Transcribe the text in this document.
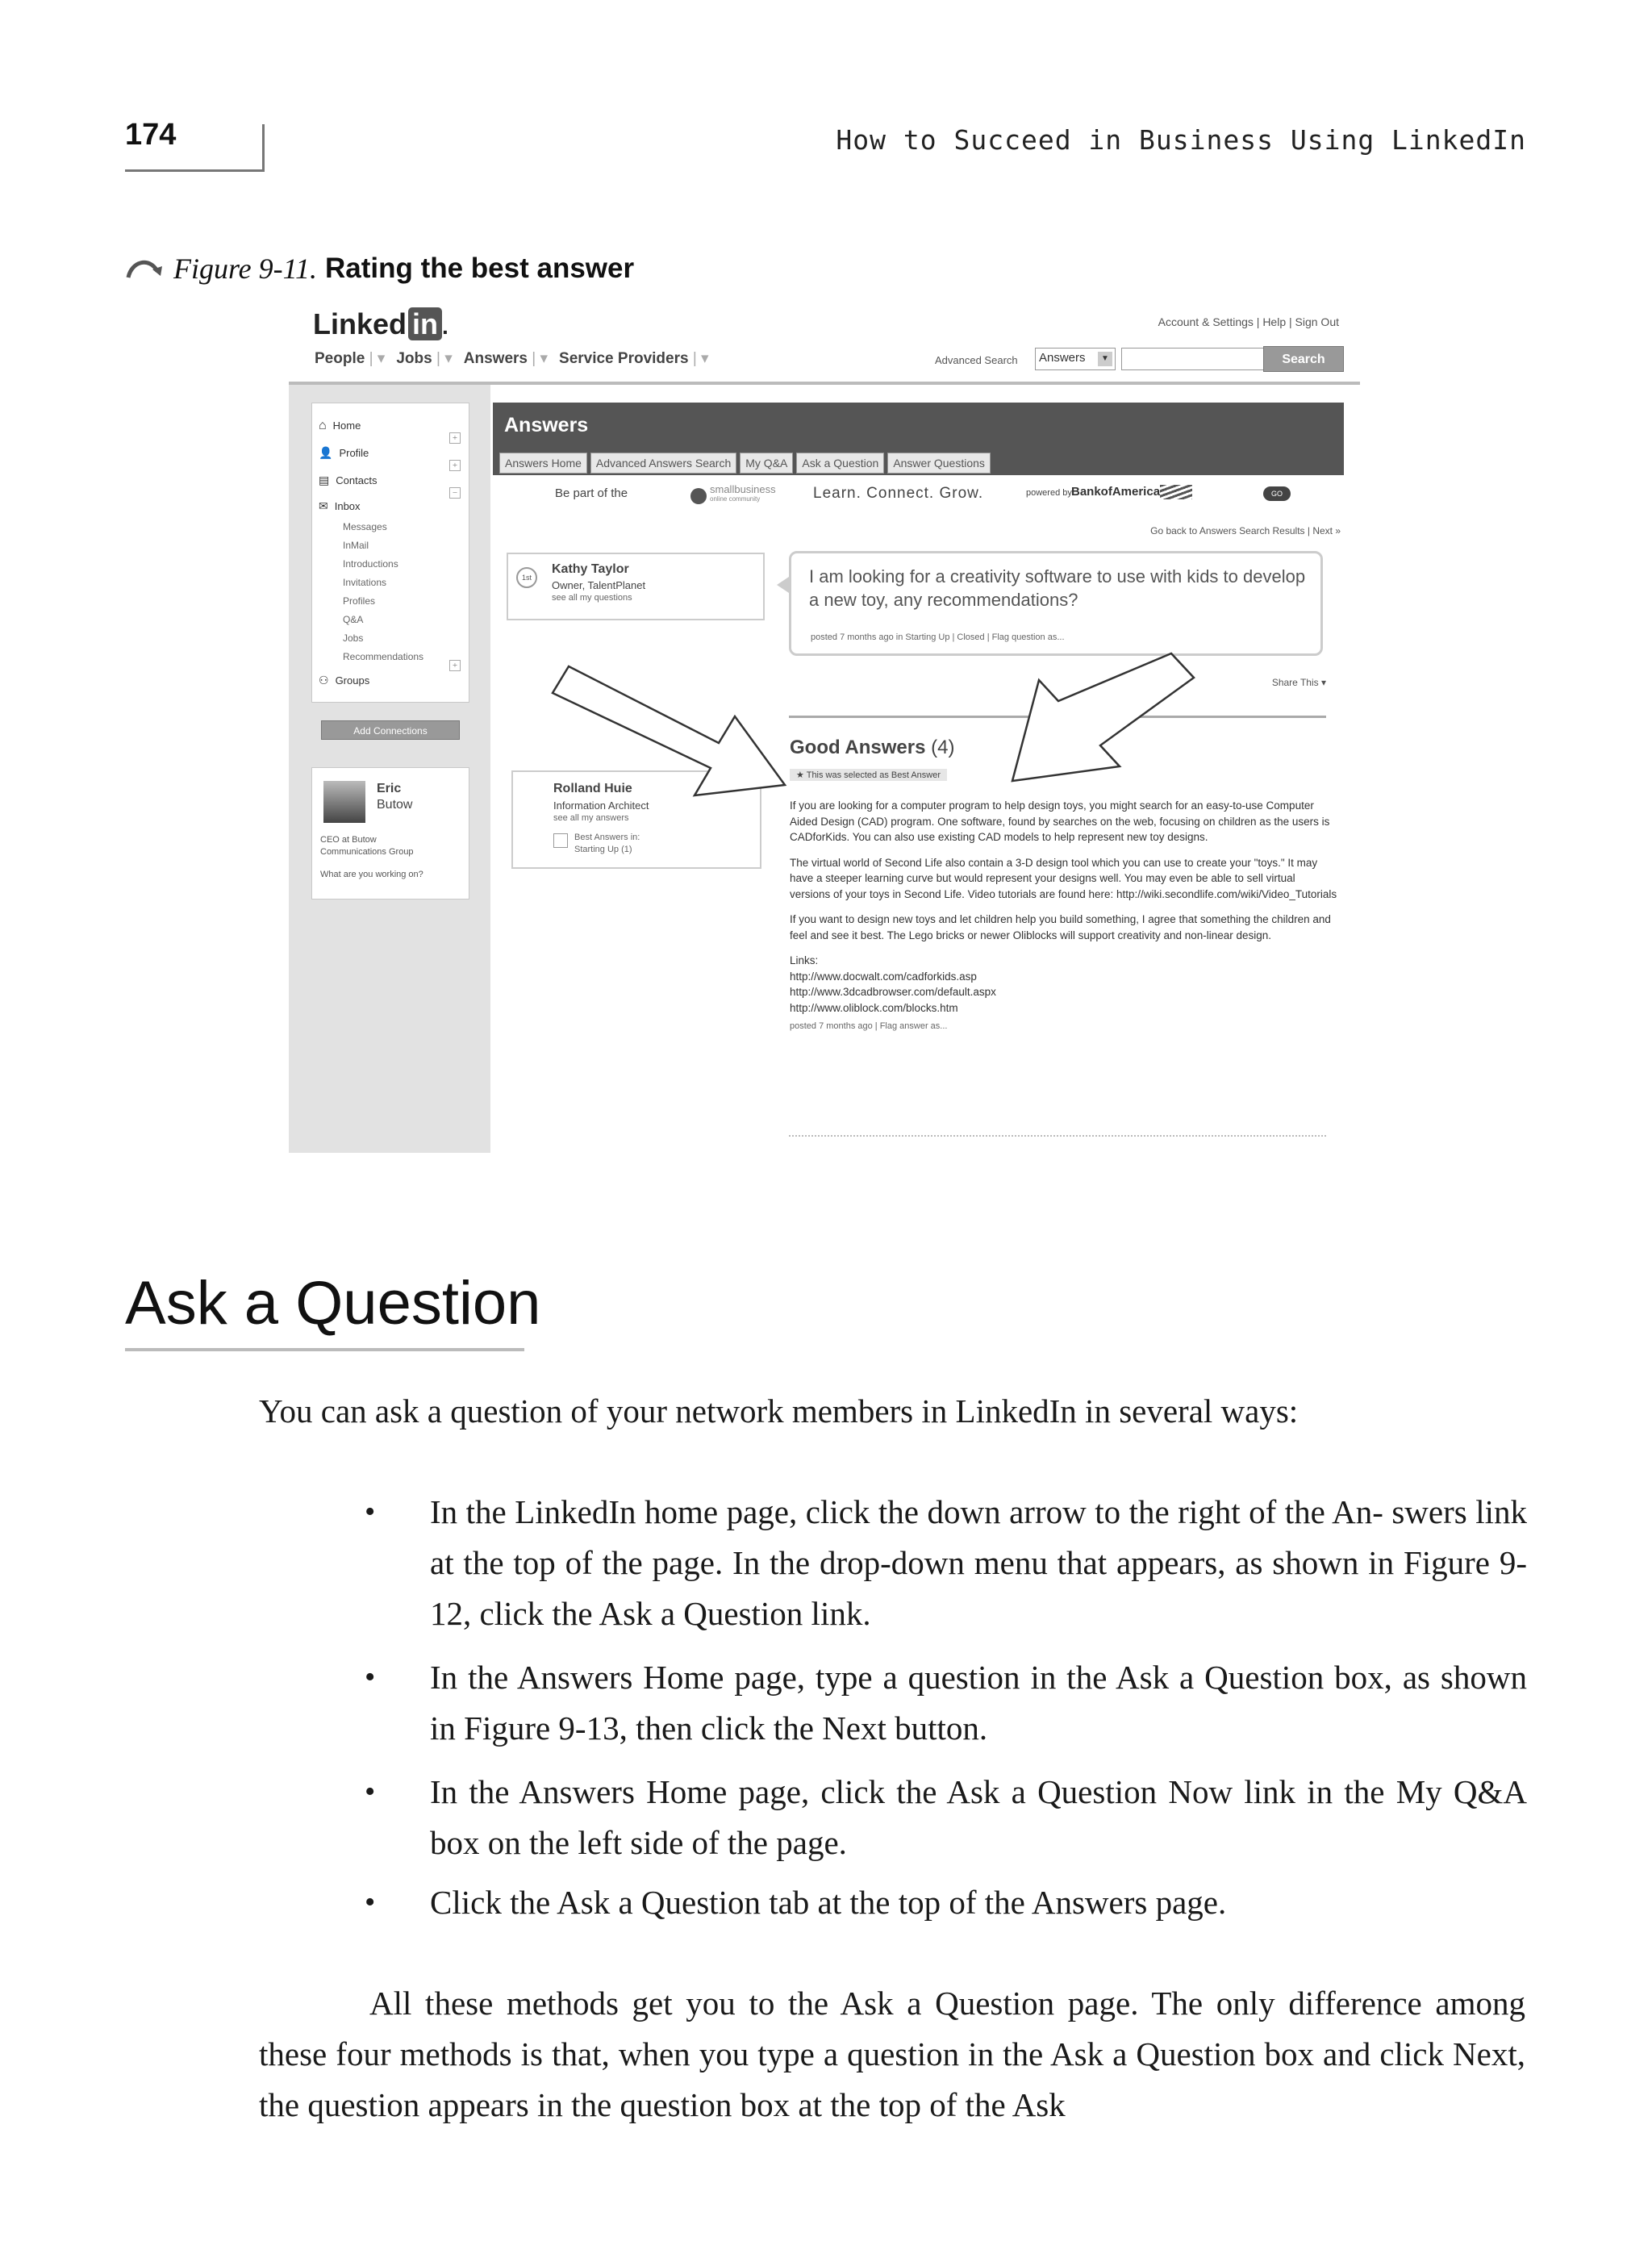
174	How to Succeed in Business Using LinkedIn
Figure 9-11. Rating the best answer
Linked in .	Account & Settings | Help | Sign Out
People | ▾ Jobs | ▾ Answers | ▾ Service Providers | ▾	Advanced Search	Answers	▼	Search
⌂ Home
👤 Profile
▤ Contacts
✉ Inbox
Messages
InMail
Introductions
Invitations
Profiles
Q&A
Jobs
Recommendations
⚇ Groups
+
+
−
+
Add Connections
Eric
Butow
CEO at Butow Communications Group
What are you working on?
Answers
Answers Home	Advanced Answers Search	My Q&A	Ask a Question	Answer Questions
Be part of the	smallbusiness
online community	Learn. Connect. Grow.	powered by BankofAmerica	GO
Go back to Answers Search Results | Next »
1st
Kathy Taylor
Owner, TalentPlanet
see all my questions
I am looking for a creativity software to use with kids to develop a new toy, any recommendations?
posted 7 months ago in Starting Up | Closed | Flag question as...
Share This ▾
Good Answers (4)
★ This was selected as Best Answer
Rolland Huie
Information Architect
see all my answers
Best Answers in:
Starting Up (1)
If you are looking for a computer program to help design toys, you might search for an easy-to-use Computer Aided Design (CAD) program. One software, found by searches on the web, focusing on children as the users is CADforKids. You can also use existing CAD models to help represent new toy designs.
The virtual world of Second Life also contain a 3-D design tool which you can use to create your "toys." It may have a steeper learning curve but would represent your designs well. You may even be able to sell virtual versions of your toys in Second Life. Video tutorials are found here: http://wiki.secondlife.com/wiki/Video_Tutorials
If you want to design new toys and let children help you build something, I agree that something the children and feel and see it best. The Lego bricks or newer Oliblocks will support creativity and non-linear design.
Links:
http://www.docwalt.com/cadforkids.asp
http://www.3dcadbrowser.com/default.aspx
http://www.oliblock.com/blocks.htm
posted 7 months ago | Flag answer as...
Ask a Question
You can ask a question of your network members in LinkedIn in several ways:
• In the LinkedIn home page, click the down arrow to the right of the An- swers link at the top of the page. In the drop-down menu that appears, as shown in Figure 9-12, click the Ask a Question link.
• In the Answers Home page, type a question in the Ask a Question box, as shown in Figure 9-13, then click the Next button.
• In the Answers Home page, click the Ask a Question Now link in the My Q&A box on the left side of the page.
• Click the Ask a Question tab at the top of the Answers page.
All these methods get you to the Ask a Question page. The only difference among these four methods is that, when you type a question in the Ask a Question box and click Next, the question appears in the question box at the top of the Ask
